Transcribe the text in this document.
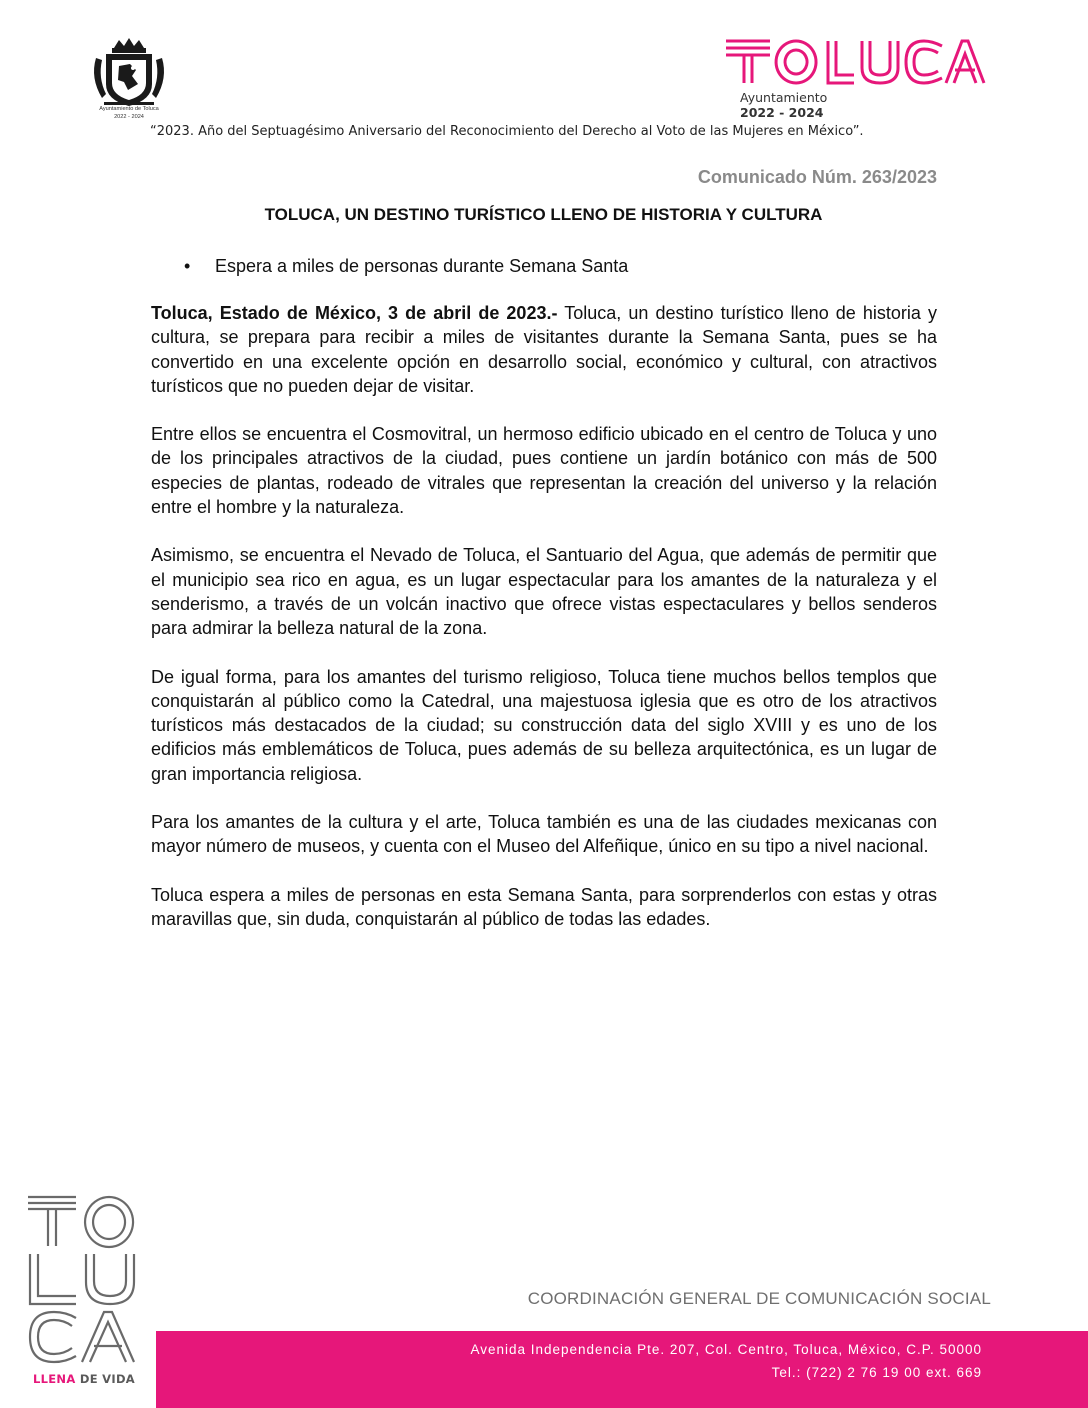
Ayuntamiento de Toluca
2022 - 2024
Ayuntamiento
2022 - 2024
“2023. Año del Septuagésimo Aniversario del Reconocimiento del Derecho al Voto de las Mujeres en México”.
Comunicado Núm. 263/2023
TOLUCA, UN DESTINO TURÍSTICO LLENO DE HISTORIA Y CULTURA
• Espera a miles de personas durante Semana Santa

Toluca, Estado de México, 3 de abril de 2023.- Toluca, un destino turístico lleno de historia y cultura, se prepara para recibir a miles de visitantes durante la Semana Santa, pues se ha convertido en una excelente opción en desarrollo social, económico y cultural, con atractivos turísticos que no pueden dejar de visitar.

Entre ellos se encuentra el Cosmovitral, un hermoso edificio ubicado en el centro de Toluca y uno de los principales atractivos de la ciudad, pues contiene un jardín botánico con más de 500 especies de plantas, rodeado de vitrales que representan la creación del universo y la relación entre el hombre y la naturaleza.

Asimismo, se encuentra el Nevado de Toluca, el Santuario del Agua, que además de permitir que el municipio sea rico en agua, es un lugar espectacular para los amantes de la naturaleza y el senderismo, a través de un volcán inactivo que ofrece vistas espectaculares y bellos senderos para admirar la belleza natural de la zona.

De igual forma, para los amantes del turismo religioso, Toluca tiene muchos bellos templos que conquistarán al público como la Catedral, una majestuosa iglesia que es otro de los atractivos turísticos más destacados de la ciudad; su construcción data del siglo XVIII y es uno de los edificios más emblemáticos de Toluca, pues además de su belleza arquitectónica, es un lugar de gran importancia religiosa.

Para los amantes de la cultura y el arte, Toluca también es una de las ciudades mexicanas con mayor número de museos, y cuenta con el Museo del Alfeñique, único en su tipo a nivel nacional.

Toluca espera a miles de personas en esta Semana Santa, para sorprenderlos con estas y otras maravillas que, sin duda, conquistarán al público de todas las edades.

LLENA DE VIDA
COORDINACIÓN GENERAL DE COMUNICACIÓN SOCIAL
Avenida Independencia Pte. 207, Col. Centro, Toluca, México, C.P. 50000
Tel.: (722) 2 76 19 00 ext. 669
